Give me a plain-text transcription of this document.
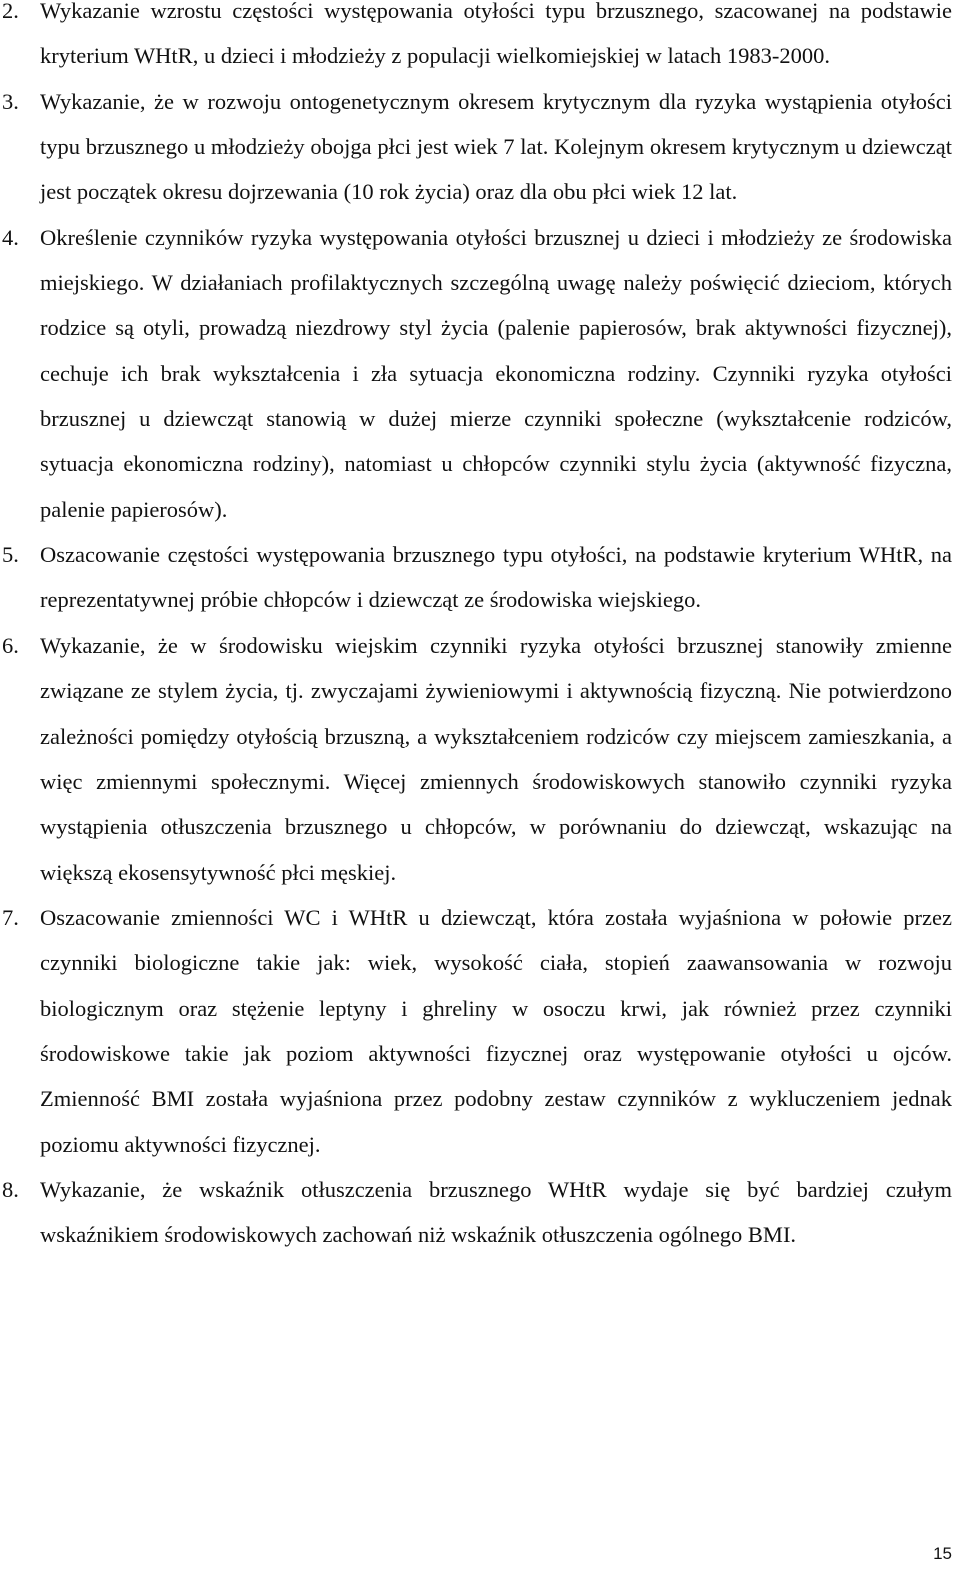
2. Wykazanie wzrostu częstości występowania otyłości typu brzusznego, szacowanej na podstawie kryterium WHtR, u dzieci i młodzieży z populacji wielkomiejskiej w latach 1983-2000.
3. Wykazanie, że w rozwoju ontogenetycznym okresem krytycznym dla ryzyka wystąpienia otyłości typu brzusznego u młodzieży obojga płci jest wiek 7 lat. Kolejnym okresem krytycznym u dziewcząt jest początek okresu dojrzewania (10 rok życia) oraz dla obu płci wiek 12 lat.
4. Określenie czynników ryzyka występowania otyłości brzusznej u dzieci i młodzieży ze środowiska miejskiego. W działaniach profilaktycznych szczególną uwagę należy poświęcić dzieciom, których rodzice są otyli, prowadzą niezdrowy styl życia (palenie papierosów, brak aktywności fizycznej), cechuje ich brak wykształcenia i zła sytuacja ekonomiczna rodziny. Czynniki ryzyka otyłości brzusznej u dziewcząt stanowią w dużej mierze czynniki społeczne (wykształcenie rodziców, sytuacja ekonomiczna rodziny), natomiast u chłopców czynniki stylu życia (aktywność fizyczna, palenie papierosów).
5. Oszacowanie częstości występowania brzusznego typu otyłości, na podstawie kryterium WHtR, na reprezentatywnej próbie chłopców i dziewcząt ze środowiska wiejskiego.
6. Wykazanie, że w środowisku wiejskim czynniki ryzyka otyłości brzusznej stanowiły zmienne związane ze stylem życia, tj. zwyczajami żywieniowymi i aktywnością fizyczną. Nie potwierdzono zależności pomiędzy otyłością brzuszną, a wykształceniem rodziców czy miejscem zamieszkania, a więc zmiennymi społecznymi. Więcej zmiennych środowiskowych stanowiło czynniki ryzyka wystąpienia otłuszczenia brzusznego u chłopców, w porównaniu do dziewcząt, wskazując na większą ekosensytywność płci męskiej.
7. Oszacowanie zmienności WC i WHtR u dziewcząt, która została wyjaśniona w połowie przez czynniki biologiczne takie jak: wiek, wysokość ciała, stopień zaawansowania w rozwoju biologicznym oraz stężenie leptyny i ghreliny w osoczu krwi, jak również przez czynniki środowiskowe takie jak poziom aktywności fizycznej oraz występowanie otyłości u ojców. Zmienność BMI została wyjaśniona przez podobny zestaw czynników z wykluczeniem jednak poziomu aktywności fizycznej.
8. Wykazanie, że wskaźnik otłuszczenia brzusznego WHtR wydaje się być bardziej czułym wskaźnikiem środowiskowych zachowań niż wskaźnik otłuszczenia ogólnego BMI.
15
